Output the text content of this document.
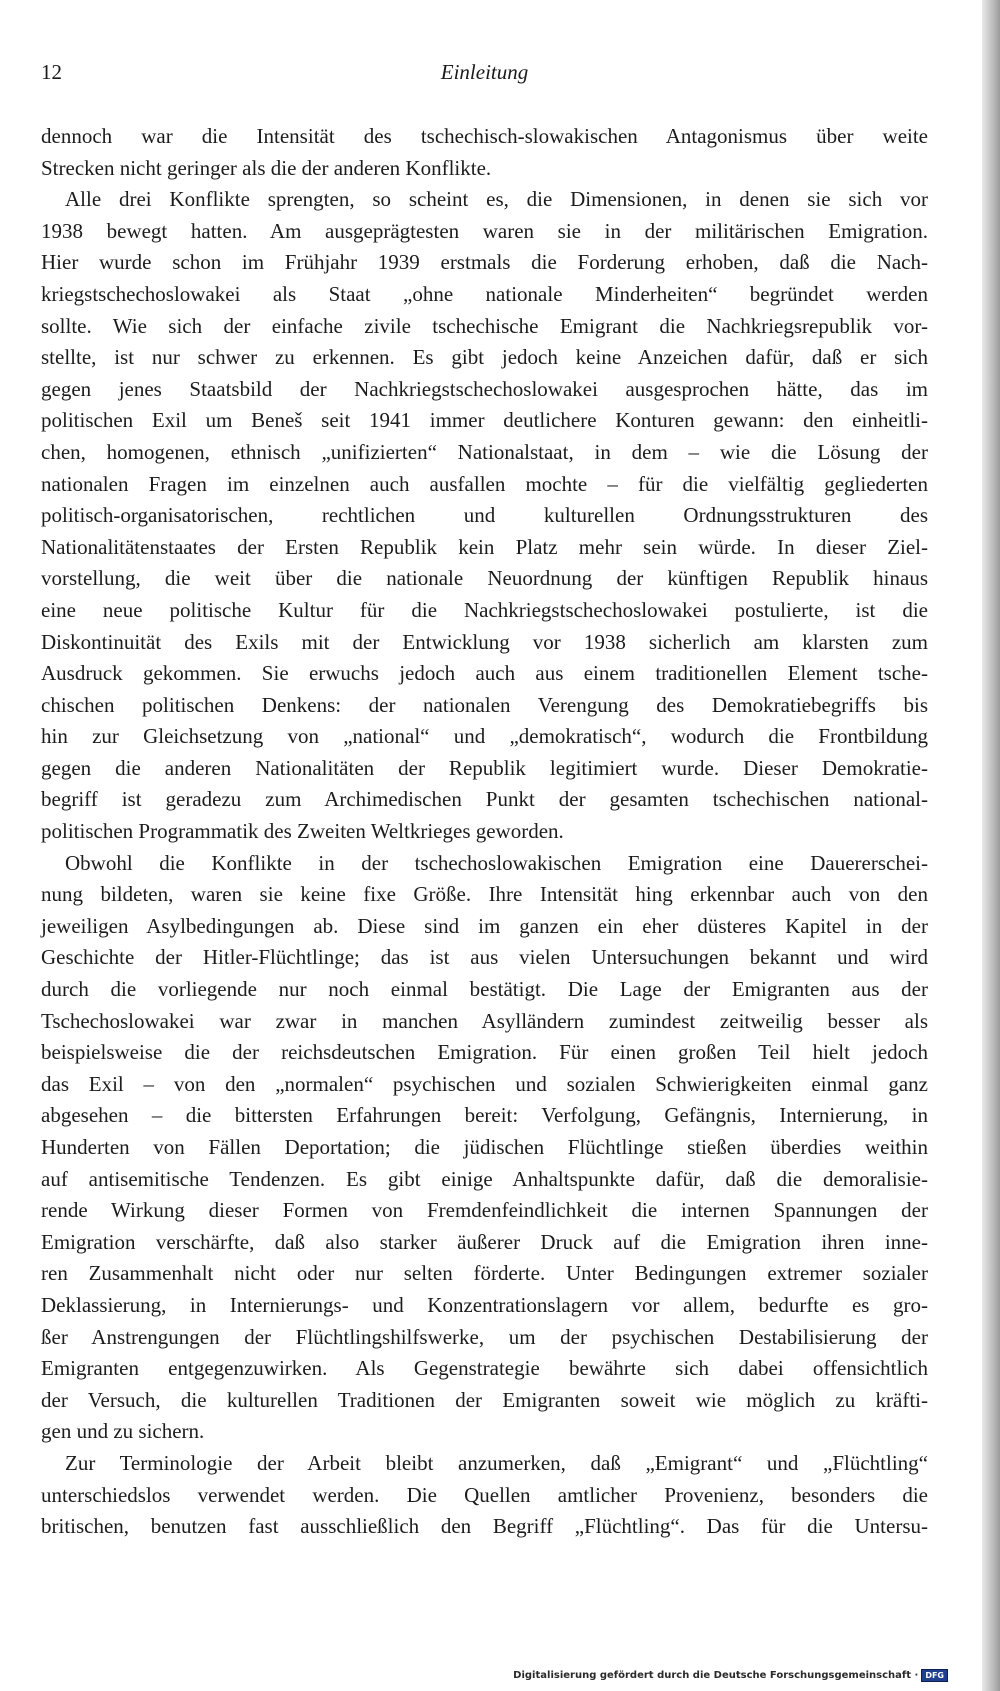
12	Einleitung

dennoch war die Intensität des tschechisch-slowakischen Antagonismus über weite
Strecken nicht geringer als die der anderen Konflikte.

Alle drei Konflikte sprengten, so scheint es, die Dimensionen, in denen sie sich vor
1938 bewegt hatten. Am ausgeprägtesten waren sie in der militärischen Emigration.
Hier wurde schon im Frühjahr 1939 erstmals die Forderung erhoben, daß die Nach-
kriegstschechoslowakei als Staat „ohne nationale Minderheiten“ begründet werden
sollte. Wie sich der einfache zivile tschechische Emigrant die Nachkriegsrepublik vor-
stellte, ist nur schwer zu erkennen. Es gibt jedoch keine Anzeichen dafür, daß er sich
gegen jenes Staatsbild der Nachkriegstschechoslowakei ausgesprochen hätte, das im
politischen Exil um Beneš seit 1941 immer deutlichere Konturen gewann: den einheitli-
chen, homogenen, ethnisch „unifizierten“ Nationalstaat, in dem – wie die Lösung der
nationalen Fragen im einzelnen auch ausfallen mochte – für die vielfältig gegliederten
politisch-organisatorischen, rechtlichen und kulturellen Ordnungsstrukturen des
Nationalitätenstaates der Ersten Republik kein Platz mehr sein würde. In dieser Ziel-
vorstellung, die weit über die nationale Neuordnung der künftigen Republik hinaus
eine neue politische Kultur für die Nachkriegstschechoslowakei postulierte, ist die
Diskontinuität des Exils mit der Entwicklung vor 1938 sicherlich am klarsten zum
Ausdruck gekommen. Sie erwuchs jedoch auch aus einem traditionellen Element tsche-
chischen politischen Denkens: der nationalen Verengung des Demokratiebegriffs bis
hin zur Gleichsetzung von „national“ und „demokratisch“, wodurch die Frontbildung
gegen die anderen Nationalitäten der Republik legitimiert wurde. Dieser Demokratie-
begriff ist geradezu zum Archimedischen Punkt der gesamten tschechischen national-
politischen Programmatik des Zweiten Weltkrieges geworden.

Obwohl die Konflikte in der tschechoslowakischen Emigration eine Dauererschei-
nung bildeten, waren sie keine fixe Größe. Ihre Intensität hing erkennbar auch von den
jeweiligen Asylbedingungen ab. Diese sind im ganzen ein eher düsteres Kapitel in der
Geschichte der Hitler-Flüchtlinge; das ist aus vielen Untersuchungen bekannt und wird
durch die vorliegende nur noch einmal bestätigt. Die Lage der Emigranten aus der
Tschechoslowakei war zwar in manchen Asylländern zumindest zeitweilig besser als
beispielsweise die der reichsdeutschen Emigration. Für einen großen Teil hielt jedoch
das Exil – von den „normalen“ psychischen und sozialen Schwierigkeiten einmal ganz
abgesehen – die bittersten Erfahrungen bereit: Verfolgung, Gefängnis, Internierung, in
Hunderten von Fällen Deportation; die jüdischen Flüchtlinge stießen überdies weithin
auf antisemitische Tendenzen. Es gibt einige Anhaltspunkte dafür, daß die demoralisie-
rende Wirkung dieser Formen von Fremdenfeindlichkeit die internen Spannungen der
Emigration verschärfte, daß also starker äußerer Druck auf die Emigration ihren inne-
ren Zusammenhalt nicht oder nur selten förderte. Unter Bedingungen extremer sozialer
Deklassierung, in Internierungs- und Konzentrationslagern vor allem, bedurfte es gro-
ßer Anstrengungen der Flüchtlingshilfswerke, um der psychischen Destabilisierung der
Emigranten entgegenzuwirken. Als Gegenstrategie bewährte sich dabei offensichtlich
der Versuch, die kulturellen Traditionen der Emigranten soweit wie möglich zu kräfti-
gen und zu sichern.

Zur Terminologie der Arbeit bleibt anzumerken, daß „Emigrant“ und „Flüchtling“
unterschiedslos verwendet werden. Die Quellen amtlicher Provenienz, besonders die
britischen, benutzen fast ausschließlich den Begriff „Flüchtling“. Das für die Untersu-

Digitalisierung gefördert durch die Deutsche Forschungsgemeinschaft · DFG
